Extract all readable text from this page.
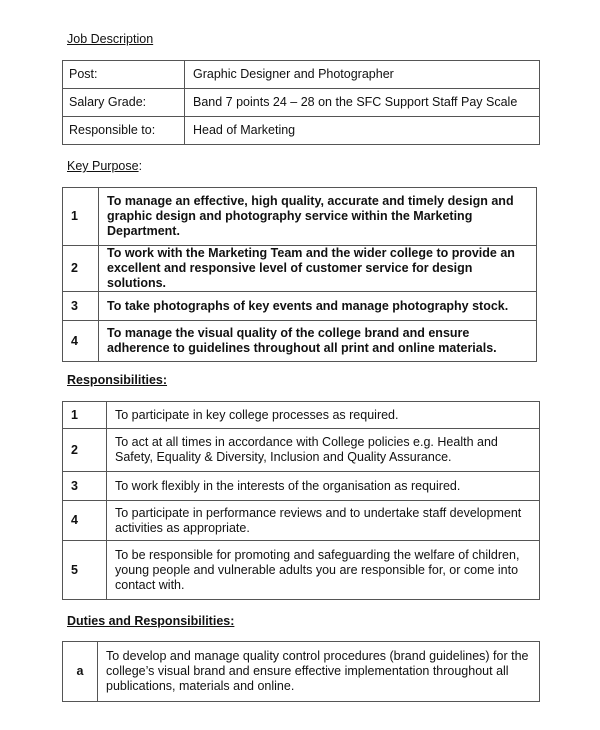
Job Description

Post:	Graphic Designer and Photographer
Salary Grade:	Band 7 points 24 – 28 on the SFC Support Staff Pay Scale
Responsible to:	Head of Marketing

Key Purpose:

1	To manage an effective, high quality, accurate and timely design and graphic design and photography service within the Marketing Department.
2	To work with the Marketing Team and the wider college to provide an excellent and responsive level of customer service for design solutions.
3	To take photographs of key events and manage photography stock.
4	To manage the visual quality of the college brand and ensure adherence to guidelines throughout all print and online materials.

Responsibilities:

1	To participate in key college processes as required.
2	To act at all times in accordance with College policies e.g. Health and Safety, Equality & Diversity, Inclusion and Quality Assurance.
3	To work flexibly in the interests of the organisation as required.
4	To participate in performance reviews and to undertake staff development activities as appropriate.
5	To be responsible for promoting and safeguarding the welfare of children, young people and vulnerable adults you are responsible for, or come into contact with.

Duties and Responsibilities:

a	To develop and manage quality control procedures (brand guidelines) for the college’s visual brand and ensure effective implementation throughout all publications, materials and online.
